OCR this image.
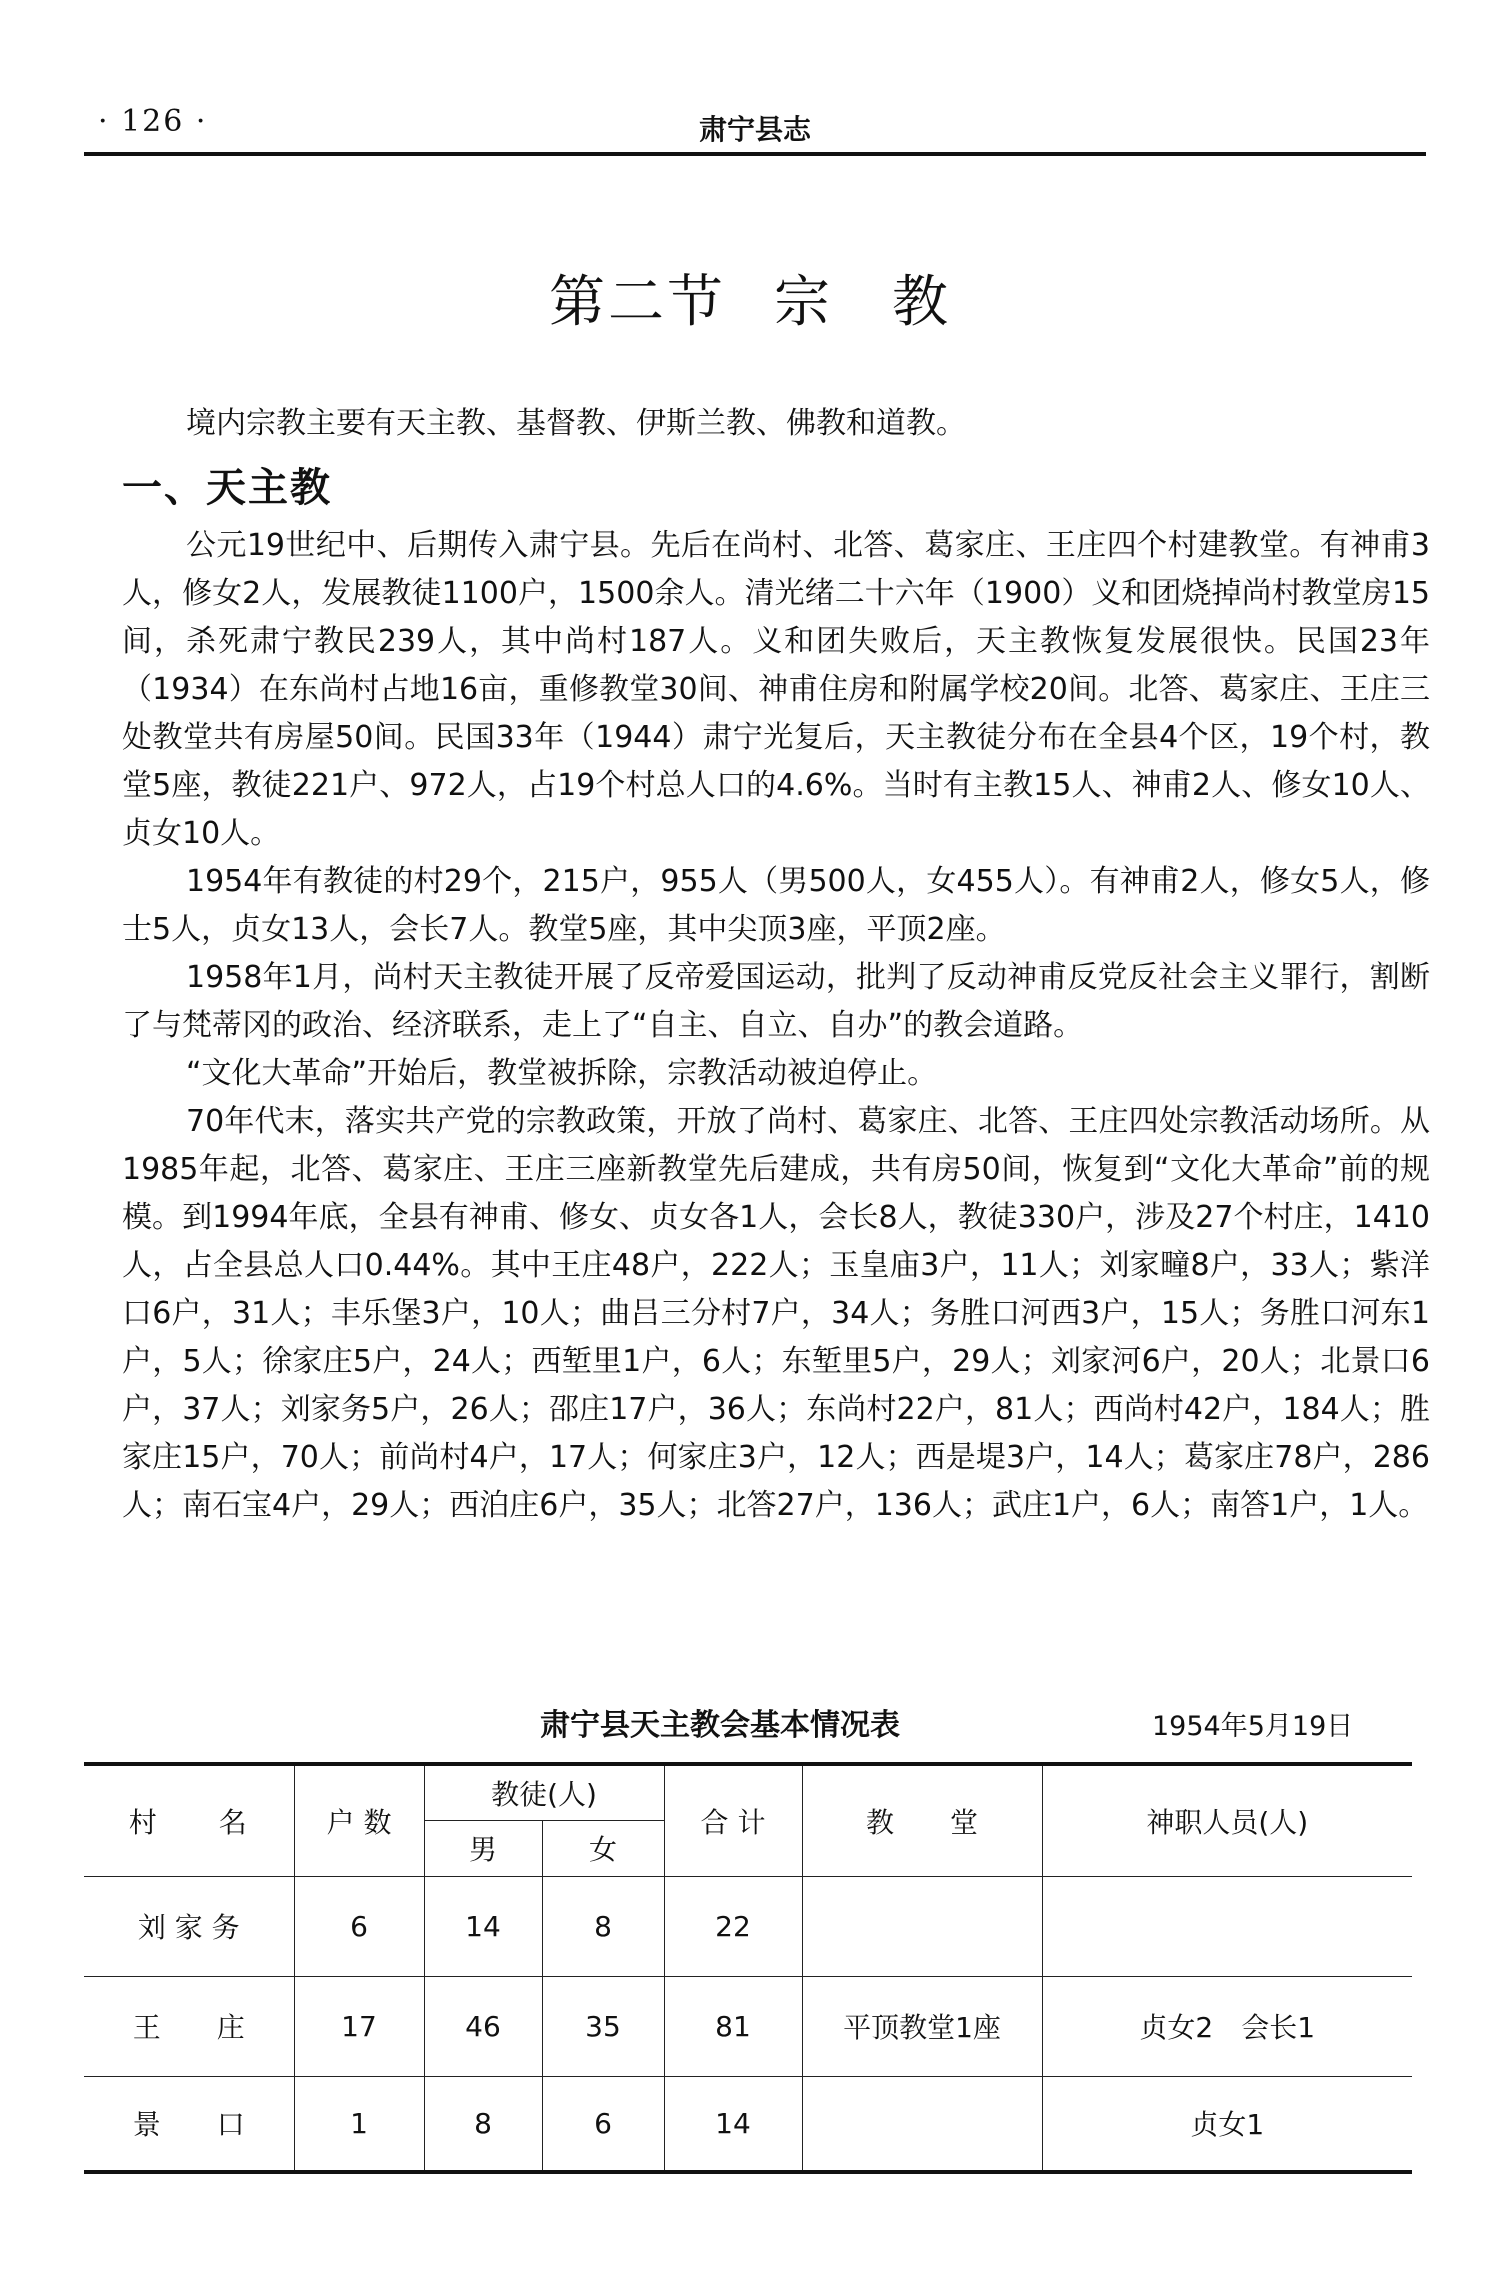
· 126 ·	肃宁县志
第二节 宗　教

境内宗教主要有天主教、基督教、伊斯兰教、佛教和道教。

一、天主教

公元19世纪中、后期传入肃宁县。先后在尚村、北答、葛家庄、王庄四个村建教堂。有神甫3人，修女2人，发展教徒1100户，1500余人。清光绪二十六年（1900）义和团烧掉尚村教堂房15间，杀死肃宁教民239人，其中尚村187人。义和团失败后，天主教恢复发展很快。民国23年（1934）在东尚村占地16亩，重修教堂30间、神甫住房和附属学校20间。北答、葛家庄、王庄三处教堂共有房屋50间。民国33年（1944）肃宁光复后，天主教徒分布在全县4个区，19个村，教堂5座，教徒221户、972人，占19个村总人口的4.6%。当时有主教15人、神甫2人、修女10人、贞女10人。

1954年有教徒的村29个，215户，955人（男500人，女455人）。有神甫2人，修女5人，修士5人，贞女13人，会长7人。教堂5座，其中尖顶3座，平顶2座。

1958年1月，尚村天主教徒开展了反帝爱国运动，批判了反动神甫反党反社会主义罪行，割断了与梵蒂冈的政治、经济联系，走上了“自主、自立、自办”的教会道路。

“文化大革命”开始后，教堂被拆除，宗教活动被迫停止。

70年代末，落实共产党的宗教政策，开放了尚村、葛家庄、北答、王庄四处宗教活动场所。从1985年起，北答、葛家庄、王庄三座新教堂先后建成，共有房50间，恢复到“文化大革命”前的规模。到1994年底，全县有神甫、修女、贞女各1人，会长8人，教徒330户，涉及27个村庄，1410人，占全县总人口0.44%。其中王庄48户，222人；玉皇庙3户，11人；刘家疃8户，33人；紫洋口6户，31人；丰乐堡3户，10人；曲吕三分村7户，34人；务胜口河西3户，15人；务胜口河东1户，5人；徐家庄5户，24人；西堑里1户，6人；东堑里5户，29人；刘家河6户，20人；北景口6户，37人；刘家务5户，26人；邵庄17户，36人；东尚村22户，81人；西尚村42户，184人；胜家庄15户，70人；前尚村4户，17人；何家庄3户，12人；西是堤3户，14人；葛家庄78户，286人；南石宝4户，29人；西泊庄6户，35人；北答27户，136人；武庄1户，6人；南答1户，1人。

肃宁县天主教会基本情况表	1954年5月19日
村　　名	户 数	教徒(人)		合 计	教　　堂	神职人员(人)
		男	女			
刘 家 务	6	14	8	22		
王　　庄	17	46	35	81	平顶教堂1座	贞女2　会长1
景　　口	1	8	6	14		贞女1
